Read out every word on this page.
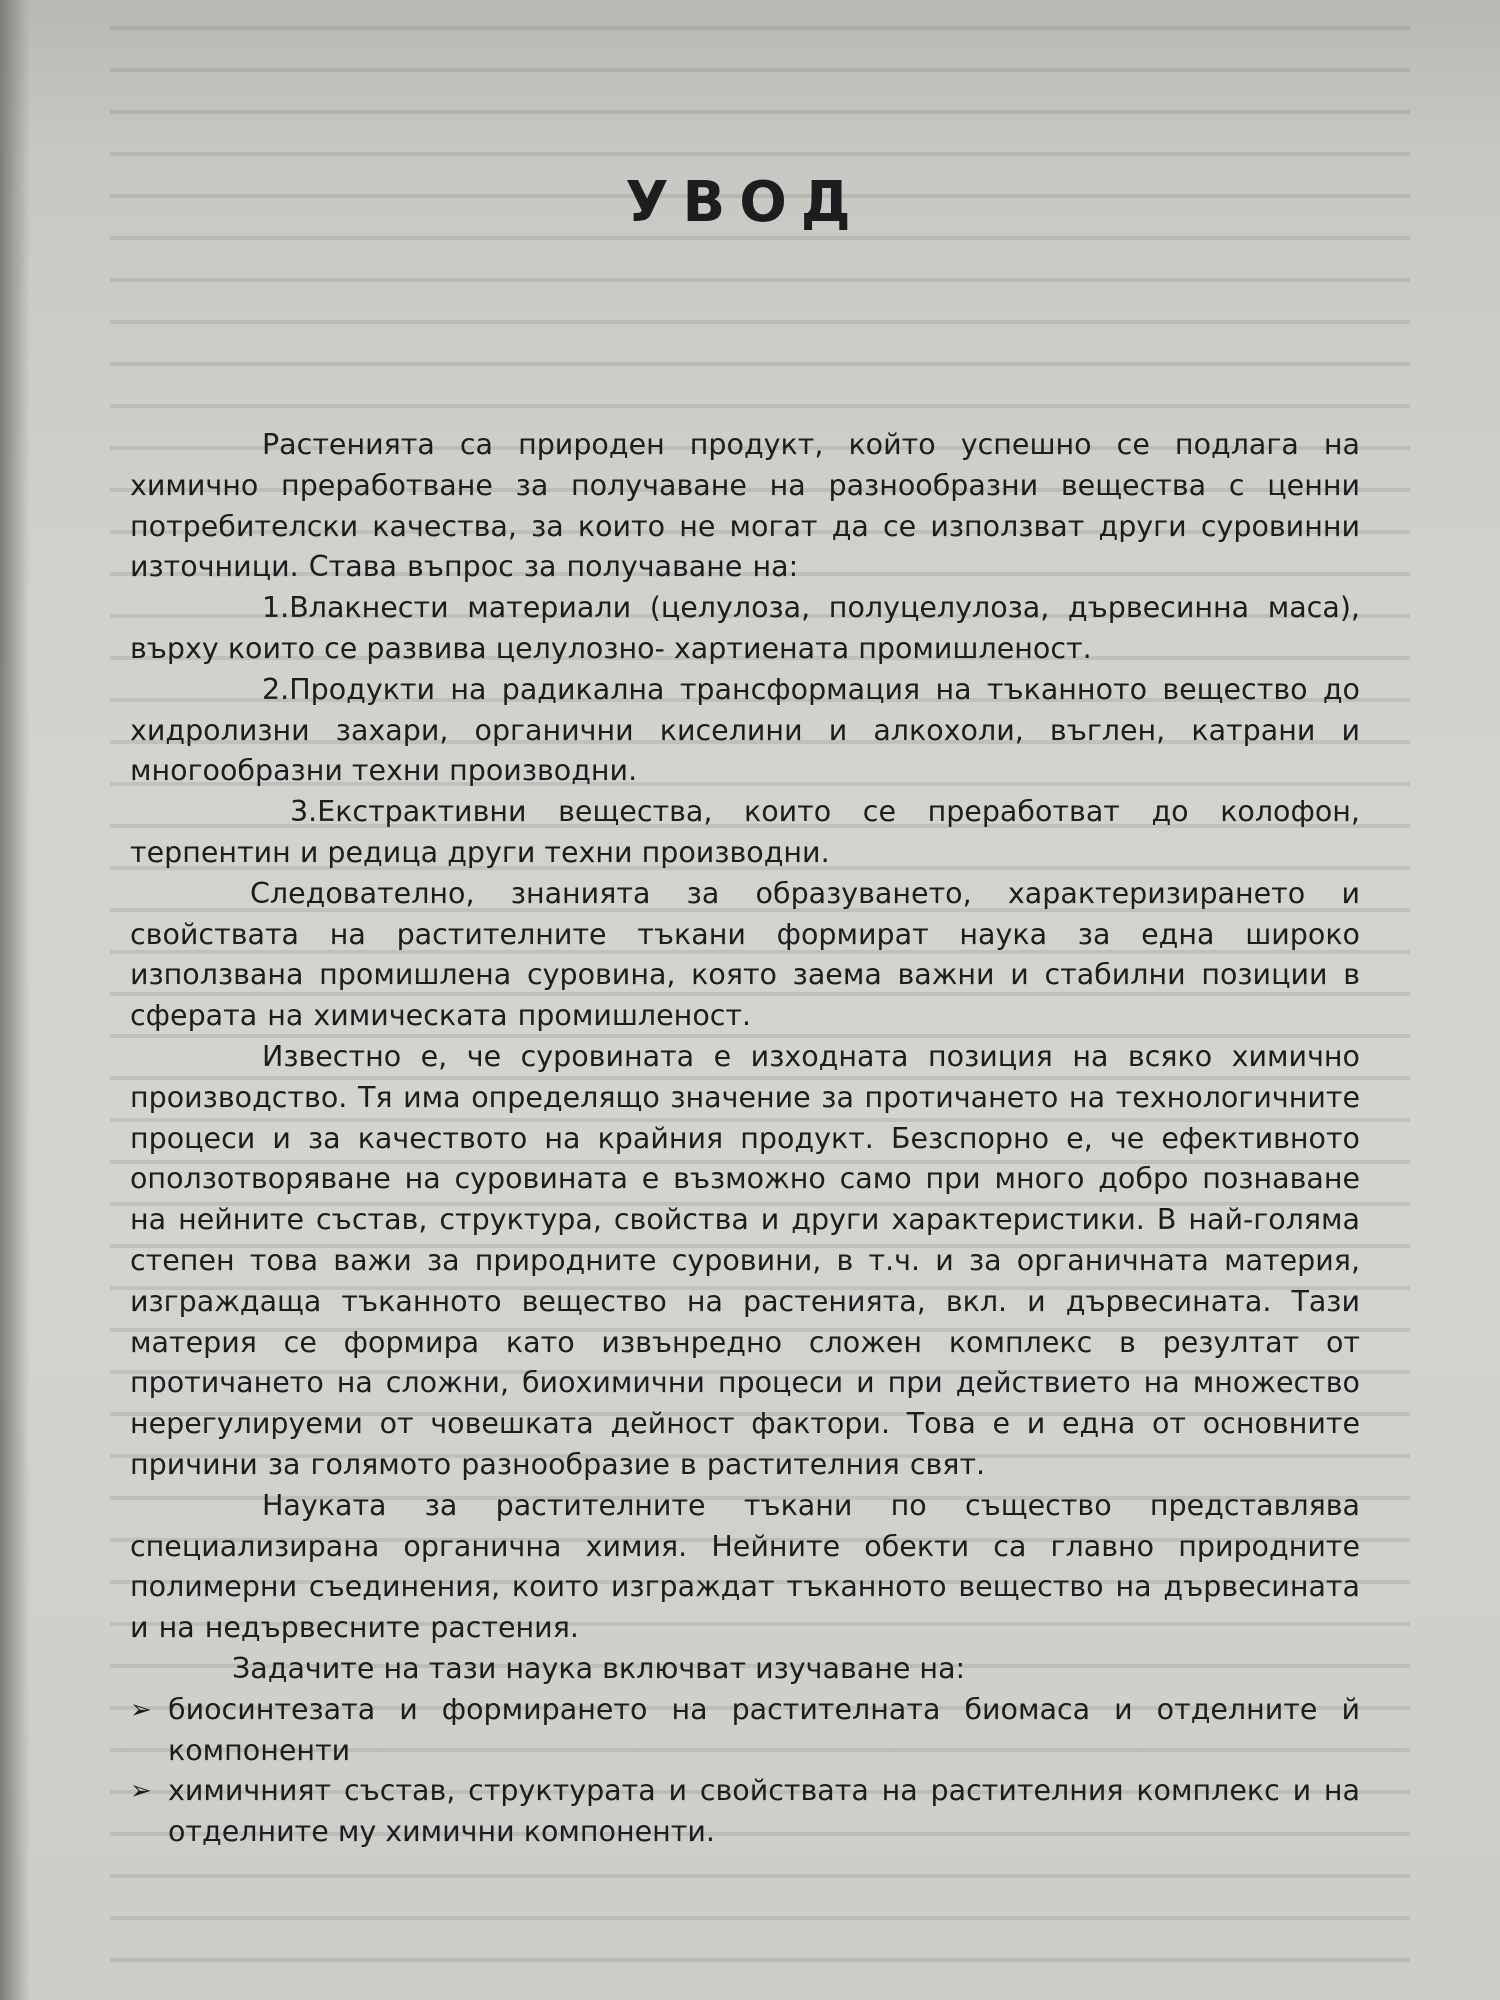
УВОД

Растенията са природен продукт, който успешно се подлага на химично преработване за получаване на разнообразни вещества с ценни потребителски качества, за които не могат да се използват други суровинни източници. Става въпрос за получаване на:

1.Влакнести материали (целулоза, полуцелулоза, дървесинна маса), върху които се развива целулозно- хартиената промишленост.

2.Продукти на радикална трансформация на тъканното вещество до хидролизни захари, органични киселини и алкохоли, въглен, катрани и многообразни техни производни.

3.Екстрактивни вещества, които се преработват до колофон, терпентин и редица други техни производни.

Следователно, знанията за образуването, характеризирането и свойствата на растителните тъкани формират наука за една широко използвана промишлена суровина, която заема важни и стабилни позиции в сферата на химическата промишленост.

Известно е, че суровината е изходната позиция на всяко химично производство. Тя има определящо значение за протичането на технологичните процеси и за качеството на крайния продукт. Безспорно е, че ефективното оползотворяване на суровината е възможно само при много добро познаване на нейните състав, структура, свойства и други характеристики. В най-голяма степен това важи за природните суровини, в т.ч. и за органичната материя, изграждаща тъканното вещество на растенията, вкл. и дървесината. Тази материя се формира като извънредно сложен комплекс в резултат от протичането на сложни, биохимични процеси и при действието на множество нерегулируеми от човешката дейност фактори. Това е и една от основните причини за голямото разнообразие в растителния свят.

Науката за растителните тъкани по същество представлява специализирана органична химия. Нейните обекти са главно природните полимерни съединения, които изграждат тъканното вещество на дървесината и на недървесните растения.

Задачите на тази наука включват изучаване на:

➢ биосинтезата и формирането на растителната биомаса и отделните й компоненти

➢ химичният състав, структурата и свойствата на растителния комплекс и на отделните му химични компоненти.
